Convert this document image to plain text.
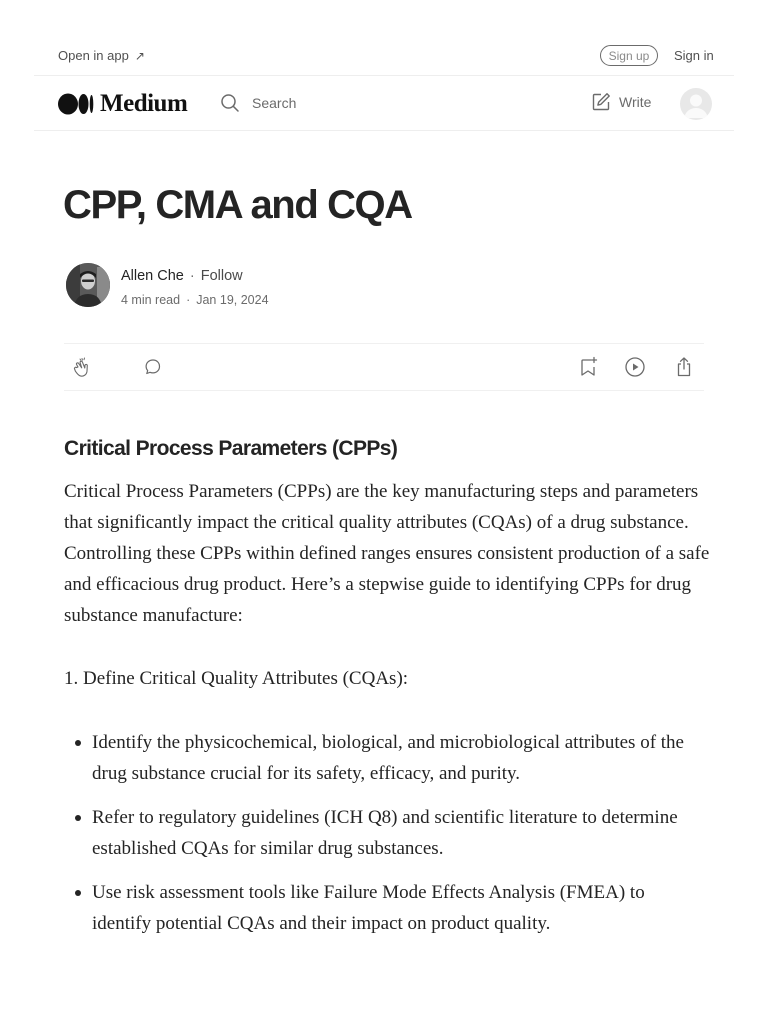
Open in app ↗	Sign up	Sign in
Medium	Search	Write
CPP, CMA and CQA
Allen Che · Follow
4 min read · Jan 19, 2024
Critical Process Parameters (CPPs)

Critical Process Parameters (CPPs) are the key manufacturing steps and parameters that significantly impact the critical quality attributes (CQAs) of a drug substance. Controlling these CPPs within defined ranges ensures consistent production of a safe and efficacious drug product. Here’s a stepwise guide to identifying CPPs for drug substance manufacture:

1. Define Critical Quality Attributes (CQAs):

Identify the physicochemical, biological, and microbiological attributes of the drug substance crucial for its safety, efficacy, and purity.
Refer to regulatory guidelines (ICH Q8) and scientific literature to determine established CQAs for similar drug substances.
Use risk assessment tools like Failure Mode Effects Analysis (FMEA) to identify potential CQAs and their impact on product quality.
